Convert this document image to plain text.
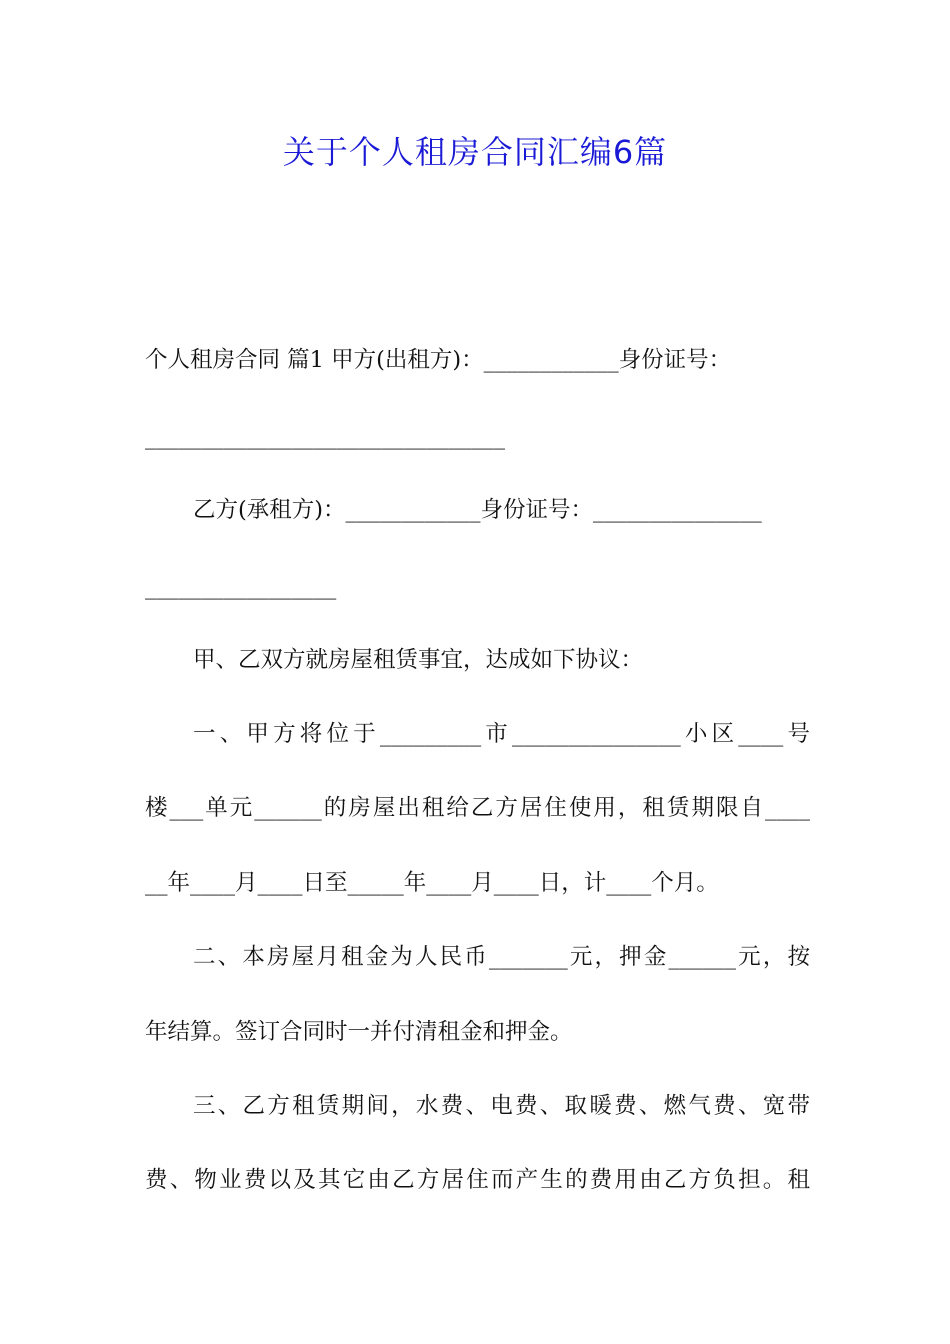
关于个人租房合同汇编6篇
个人租房合同 篇1 甲方(出租方)：____________身份证号：
________________________________
乙方(承租方)：____________身份证号：_______________
_________________
甲、乙双方就房屋租赁事宜，达成如下协议：
一、甲方将位于_________市_______________小区____号
楼___单元______的房屋出租给乙方居住使用，租赁期限自____
__年____月____日至_____年____月____日，计____个月。
二、本房屋月租金为人民币_______元，押金______元，按
年结算。签订合同时一并付清租金和押金。
三、乙方租赁期间，水费、电费、取暖费、燃气费、宽带
费、物业费以及其它由乙方居住而产生的费用由乙方负担。租
